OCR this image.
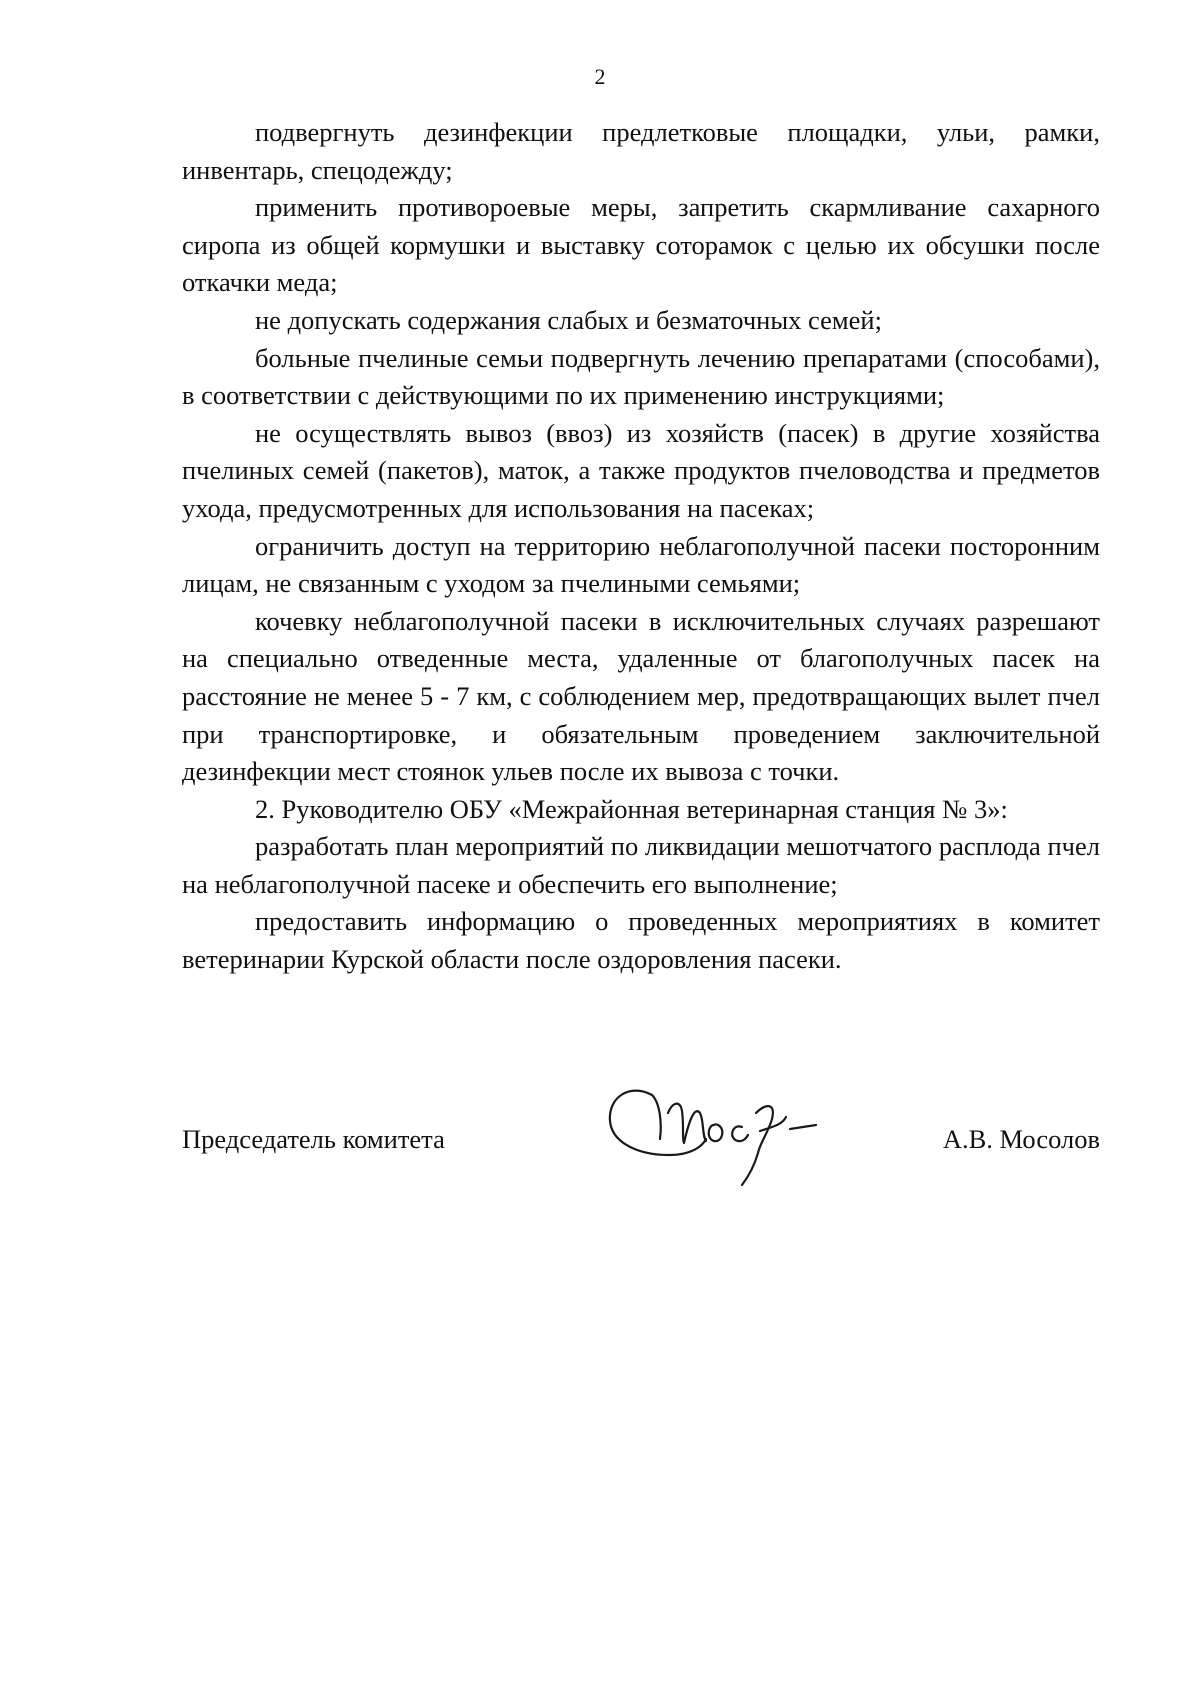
2

подвергнуть дезинфекции предлетковые площадки, ульи, рамки, инвентарь, спецодежду;

применить противороевые меры, запретить скармливание сахарного сиропа из общей кормушки и выставку соторамок с целью их обсушки после откачки меда;

не допускать содержания слабых и безматочных семей;

больные пчелиные семьи подвергнуть лечению препаратами (способами), в соответствии с действующими по их применению инструкциями;

не осуществлять вывоз (ввоз) из хозяйств (пасек) в другие хозяйства пчелиных семей (пакетов), маток, а также продуктов пчеловодства и предметов ухода, предусмотренных для использования на пасеках;

ограничить доступ на территорию неблагополучной пасеки посторонним лицам, не связанным с уходом за пчелиными семьями;

кочевку неблагополучной пасеки в исключительных случаях разрешают на специально отведенные места, удаленные от благополучных пасек на расстояние не менее 5 - 7 км, с соблюдением мер, предотвращающих вылет пчел при транспортировке, и обязательным проведением заключительной дезинфекции мест стоянок ульев после их вывоза с точки.

2. Руководителю ОБУ «Межрайонная ветеринарная станция № 3»:

разработать план мероприятий по ликвидации мешотчатого расплода пчел на неблагополучной пасеке и обеспечить его выполнение;

предоставить информацию о проведенных мероприятиях в комитет ветеринарии Курской области после оздоровления пасеки.

Председатель комитета	А.В. Мосолов
